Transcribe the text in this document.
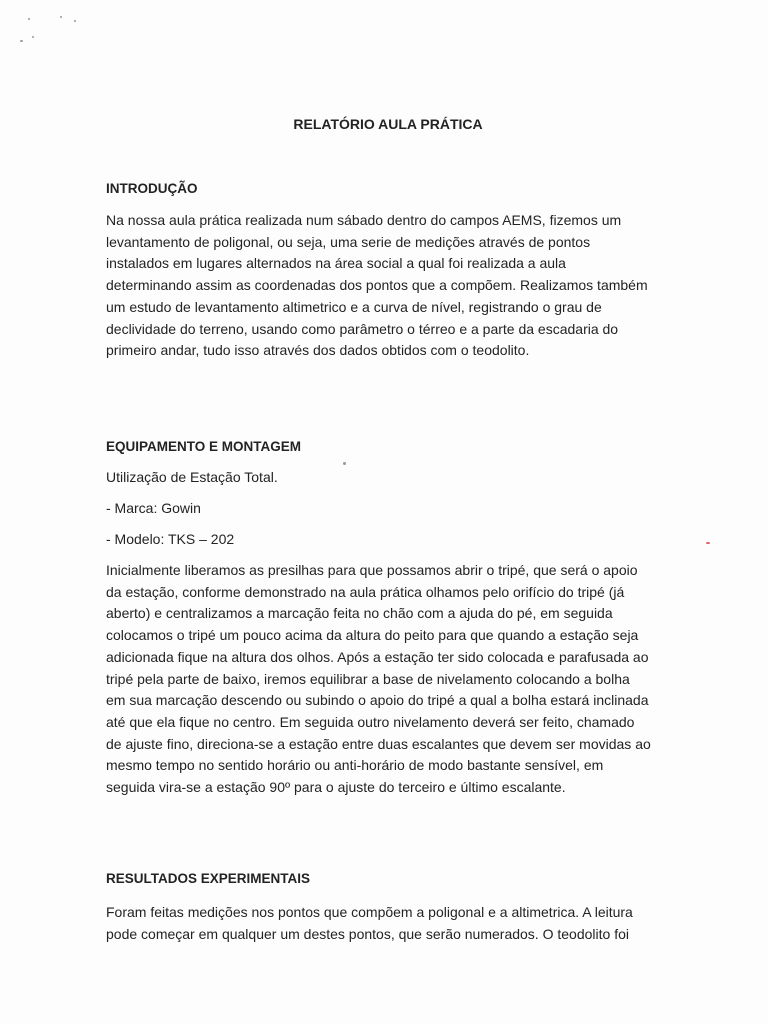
RELATÓRIO AULA PRÁTICA
INTRODUÇÃO

Na nossa aula prática realizada num sábado dentro do campos AEMS, fizemos um
levantamento de poligonal, ou seja, uma serie de medições através de pontos
instalados em lugares alternados na área social a qual foi realizada a aula
determinando assim as coordenadas dos pontos que a compõem. Realizamos também
um estudo de levantamento altimetrico e a curva de nível, registrando o grau de
declividade do terreno, usando como parâmetro o térreo e a parte da escadaria do
primeiro andar, tudo isso através dos dados obtidos com o teodolito.

EQUIPAMENTO E MONTAGEM

Utilização de Estação Total.

- Marca: Gowin

- Modelo: TKS – 202

Inicialmente liberamos as presilhas para que possamos abrir o tripé, que será o apoio
da estação, conforme demonstrado na aula prática olhamos pelo orifício do tripé (já
aberto) e centralizamos a marcação feita no chão com a ajuda do pé, em seguida
colocamos o tripé um pouco acima da altura do peito para que quando a estação seja
adicionada fique na altura dos olhos. Após a estação ter sido colocada e parafusada ao
tripé pela parte de baixo, iremos equilibrar a base de nivelamento colocando a bolha
em sua marcação descendo ou subindo o apoio do tripé a qual a bolha estará inclinada
até que ela fique no centro. Em seguida outro nivelamento deverá ser feito, chamado
de ajuste fino, direciona-se a estação entre duas escalantes que devem ser movidas ao
mesmo tempo no sentido horário ou anti-horário de modo bastante sensível, em
seguida vira-se a estação 90º para o ajuste do terceiro e último escalante.

RESULTADOS EXPERIMENTAIS

Foram feitas medições nos pontos que compõem a poligonal e a altimetrica. A leitura
pode começar em qualquer um destes pontos, que serão numerados. O teodolito foi
